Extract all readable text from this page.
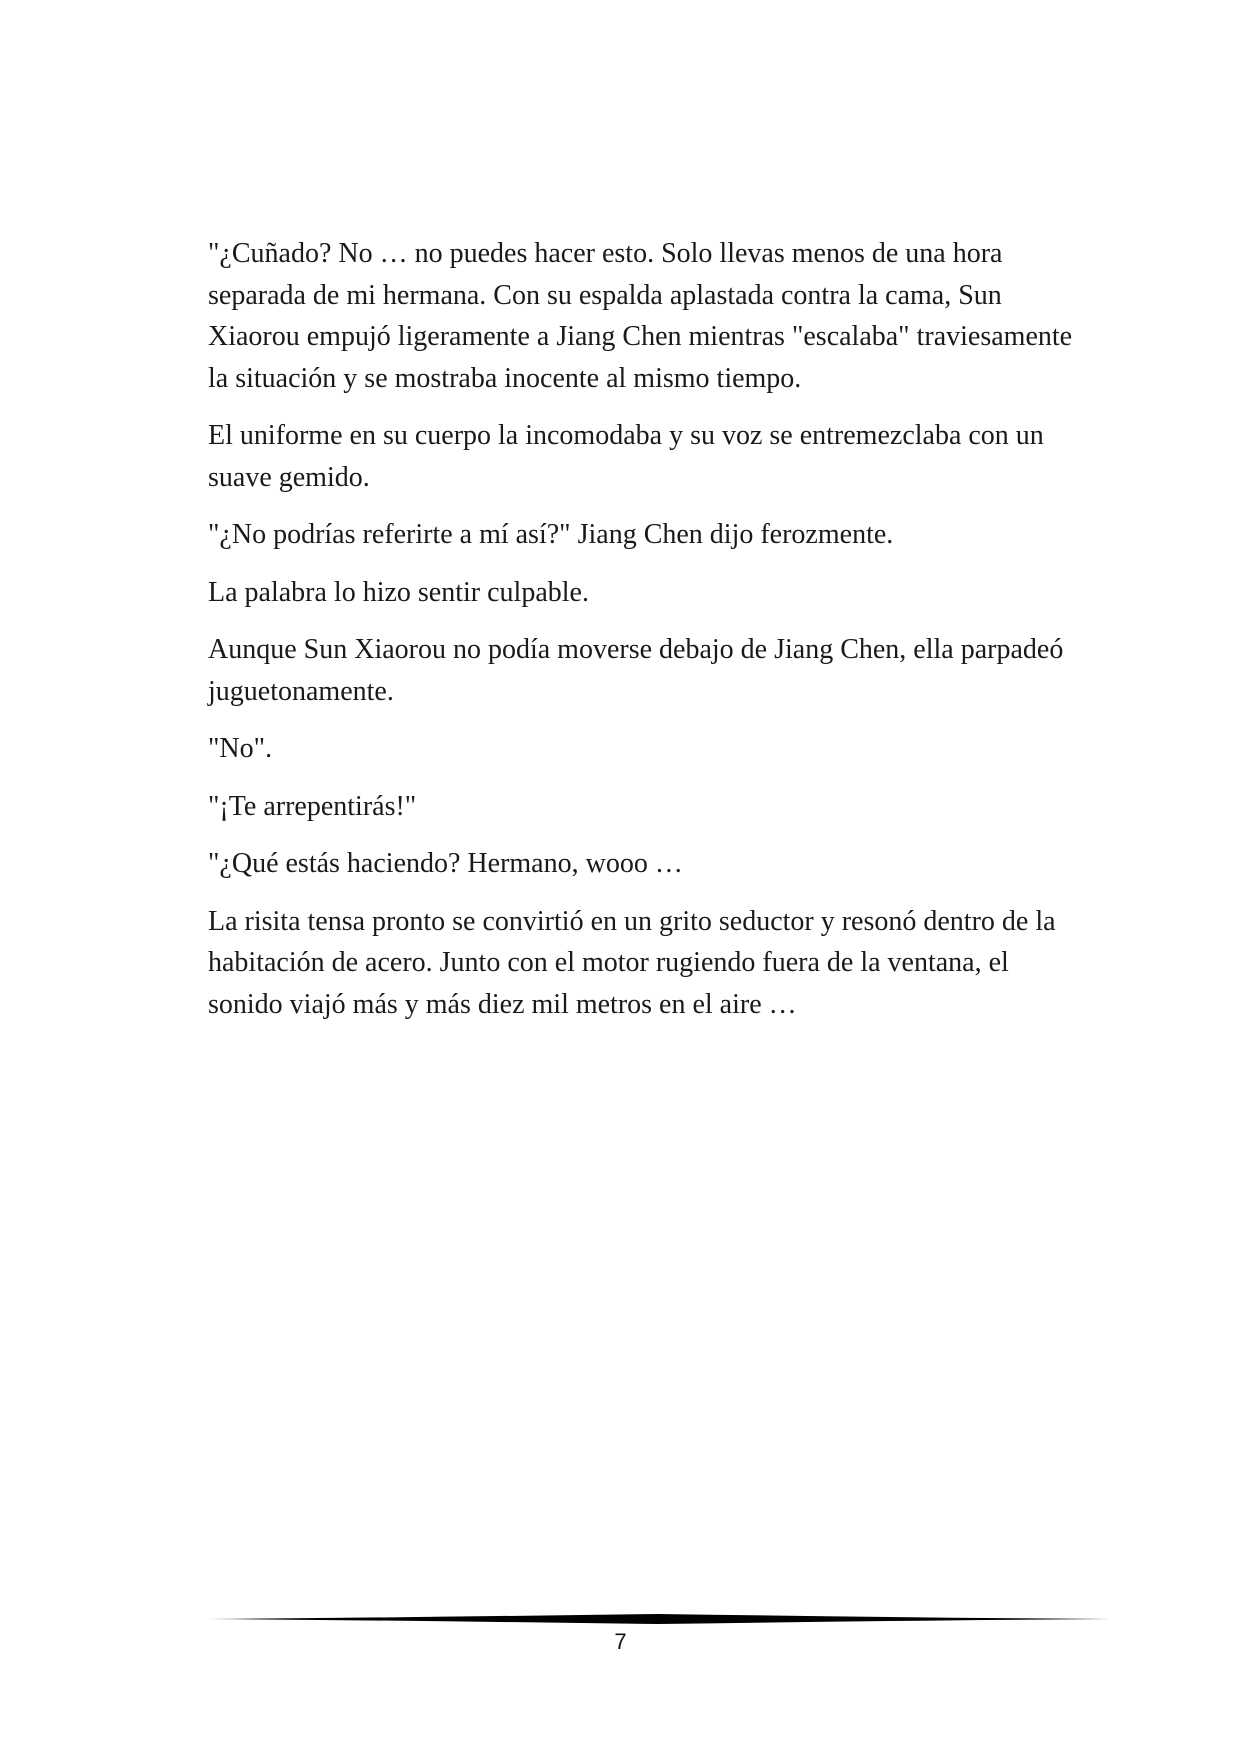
"¿Cuñado? No … no puedes hacer esto. Solo llevas menos de una hora separada de mi hermana. Con su espalda aplastada contra la cama, Sun Xiaorou empujó ligeramente a Jiang Chen mientras "escalaba" traviesamente la situación y se mostraba inocente al mismo tiempo.

El uniforme en su cuerpo la incomodaba y su voz se entremezclaba con un suave gemido.

"¿No podrías referirte a mí así?" Jiang Chen dijo ferozmente.

La palabra lo hizo sentir culpable.

Aunque Sun Xiaorou no podía moverse debajo de Jiang Chen, ella parpadeó juguetonamente.

"No".

"¡Te arrepentirás!"

"¿Qué estás haciendo? Hermano, wooo …

La risita tensa pronto se convirtió en un grito seductor y resonó dentro de la habitación de acero. Junto con el motor rugiendo fuera de la ventana, el sonido viajó más y más diez mil metros en el aire …

7
